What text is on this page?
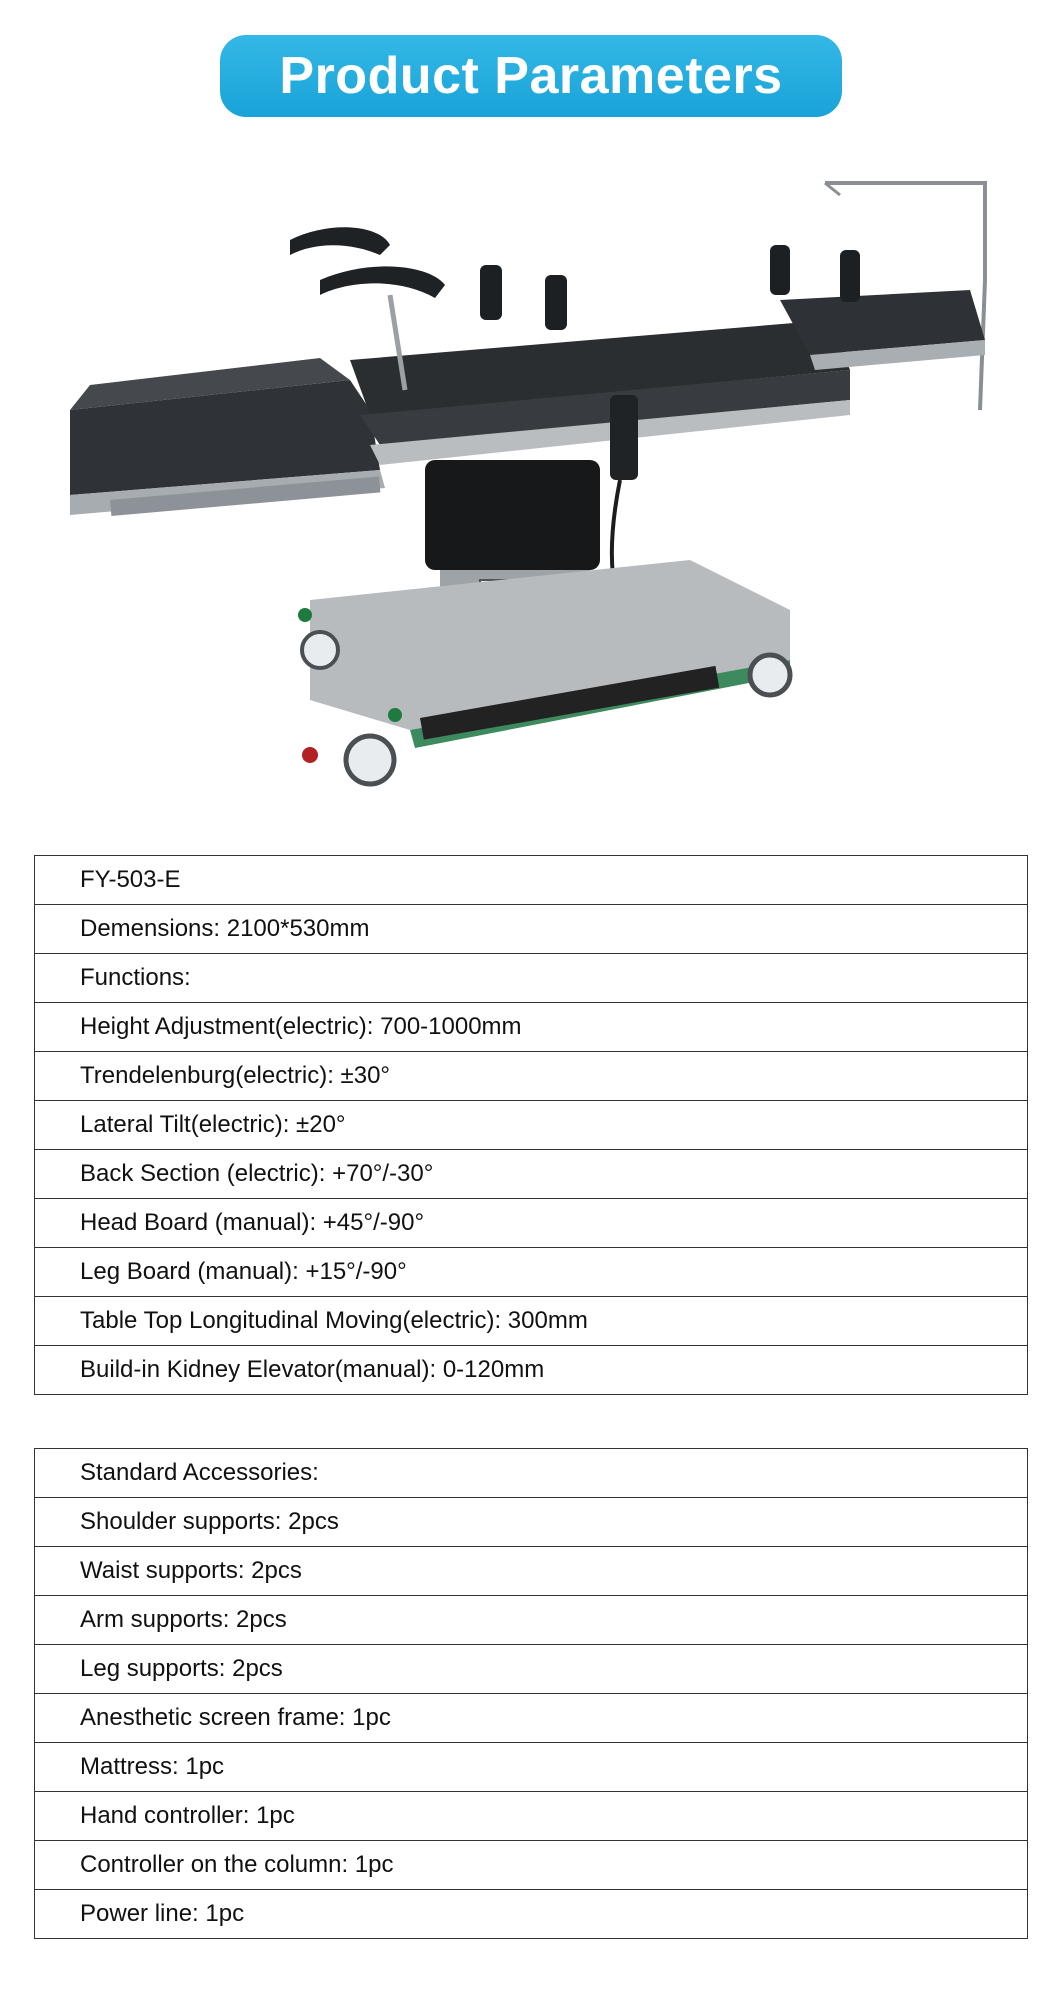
Product Parameters
FY-503-E
Demensions: 2100*530mm
Functions:
Height Adjustment(electric): 700-1000mm
Trendelenburg(electric): ±30°
Lateral Tilt(electric): ±20°
Back Section (electric): +70°/-30°
Head Board (manual): +45°/-90°
Leg Board (manual): +15°/-90°
Table Top Longitudinal Moving(electric): 300mm
Build-in Kidney Elevator(manual): 0-120mm
Standard Accessories:
Shoulder supports: 2pcs
Waist supports: 2pcs
Arm supports: 2pcs
Leg supports: 2pcs
Anesthetic screen frame: 1pc
Mattress: 1pc
Hand controller: 1pc
Controller on the column: 1pc
Power line: 1pc
